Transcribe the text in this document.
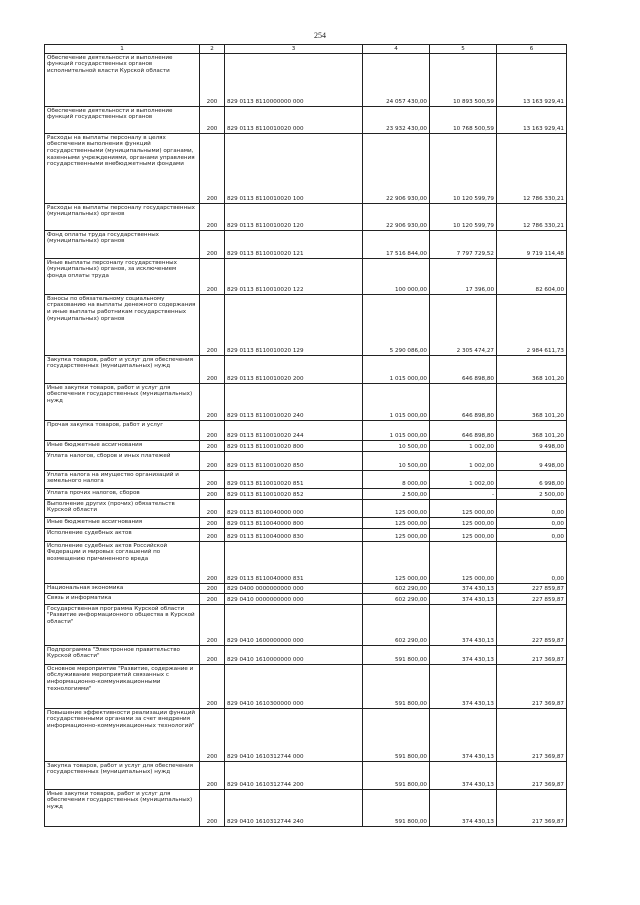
254
1	2	3	4	5	6
Обеспечение деятельности и выполнение функций государственных органов исполнительной власти Курской области	200	829 0113 8110000000 000	24 057 430,00	10 893 500,59	13 163 929,41
Обеспечение деятельности и выполнение функций государственных органов	200	829 0113 8110010020 000	23 932 430,00	10 768 500,59	13 163 929,41
Расходы на выплаты персоналу в целях обеспечения выполнения функций государственными (муниципальными) органами, казенными учреждениями, органами управления государственными внебюджетными фондами	200	829 0113 8110010020 100	22 906 930,00	10 120 599,79	12 786 330,21
Расходы на выплаты персоналу государственных (муниципальных) органов	200	829 0113 8110010020 120	22 906 930,00	10 120 599,79	12 786 330,21
Фонд оплаты труда государственных (муниципальных) органов	200	829 0113 8110010020 121	17 516 844,00	7 797 729,52	9 719 114,48
Иные выплаты персоналу государственных (муниципальных) органов, за исключением фонда оплаты труда	200	829 0113 8110010020 122	100 000,00	17 396,00	82 604,00
Взносы по обязательному социальному страхованию на выплаты денежного содержания и иные выплаты работникам государственных (муниципальных) органов	200	829 0113 8110010020 129	5 290 086,00	2 305 474,27	2 984 611,73
Закупка товаров, работ и услуг для обеспечения государственных (муниципальных) нужд	200	829 0113 8110010020 200	1 015 000,00	646 898,80	368 101,20
Иные закупки товаров, работ и услуг для обеспечения государственных (муниципальных) нужд	200	829 0113 8110010020 240	1 015 000,00	646 898,80	368 101,20
Прочая закупка товаров, работ и услуг	200	829 0113 8110010020 244	1 015 000,00	646 898,80	368 101,20
Иные бюджетные ассигнования	200	829 0113 8110010020 800	10 500,00	1 002,00	9 498,00
Уплата налогов, сборов и иных платежей	200	829 0113 8110010020 850	10 500,00	1 002,00	9 498,00
Уплата налога на имущество организаций и земельного налога	200	829 0113 8110010020 851	8 000,00	1 002,00	6 998,00
Уплата прочих налогов, сборов	200	829 0113 8110010020 852	2 500,00	-	2 500,00
Выполнение других (прочих) обязательств Курской области	200	829 0113 8110040000 000	125 000,00	125 000,00	0,00
Иные бюджетные ассигнования	200	829 0113 8110040000 800	125 000,00	125 000,00	0,00
Исполнение судебных актов	200	829 0113 8110040000 830	125 000,00	125 000,00	0,00
Исполнение судебных актов Российской Федерации и мировых соглашений по возмещению причиненного вреда	200	829 0113 8110040000 831	125 000,00	125 000,00	0,00
Национальная экономика	200	829 0400 0000000000 000	602 290,00	374 430,13	227 859,87
Связь и информатика	200	829 0410 0000000000 000	602 290,00	374 430,13	227 859,87
Государственная программа Курской области "Развитие информационного общества в Курской области"	200	829 0410 1600000000 000	602 290,00	374 430,13	227 859,87
Подпрограмма "Электронное правительство Курской области"	200	829 0410 1610000000 000	591 800,00	374 430,13	217 369,87
Основное мероприятие "Развитие, содержание и обслуживание мероприятий связанных с информационно-коммуникационными технологиями"	200	829 0410 1610300000 000	591 800,00	374 430,13	217 369,87
Повышение эффективности реализации функций государственными органами за счет внедрения информационно-коммуникационных технологий"	200	829 0410 1610312744 000	591 800,00	374 430,13	217 369,87
Закупка товаров, работ и услуг для обеспечения государственных (муниципальных) нужд	200	829 0410 1610312744 200	591 800,00	374 430,13	217 369,87
Иные закупки товаров, работ и услуг для обеспечения государственных (муниципальных) нужд	200	829 0410 1610312744 240	591 800,00	374 430,13	217 369,87
